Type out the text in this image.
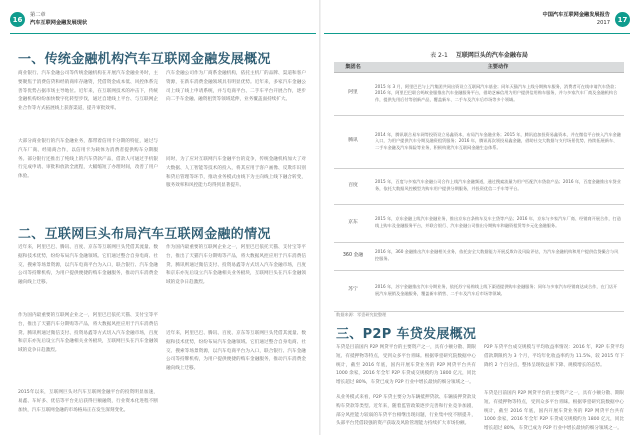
16
第二章
汽车互联网金融发展现状
中国汽车互联网金融发展报告
2017	17
一、传统金融机构汽车互联网金融发展概况
商业银行、汽车金融公司等传统金融机构在开展汽车金融业务时，主要聚焦于消费信贷和经销商库存融资，凭借资金成本低、风控体系完善等优势占据市场主导地位。近年来，在互联网技术的冲击下，传统金融机构纷纷加快数字化转型步伐，通过自建线上平台、与互联网企业合作等方式拓展线上获客渠道，提升审批效率。
大部分商业银行的汽车金融业务，都带着信用卡分期的特征，通过与汽车厂商、经销商合作，以信用卡为载体为消费者提供购车分期服务。部分银行还推出了纯线上的汽车贷款产品，借款人可通过手机银行完成申请、审批和放款全流程，大幅缩短了办理时间，改善了用户体验。
汽车金融公司作为厂商系金融机构，依托主机厂的品牌、渠道和客户资源，在新车消费金融领域具有明显优势。近年来，多家汽车金融公司上线了线上申请系统，并与电商平台、二手车平台开展合作，逐步向二手车金融、融资租赁等领域延伸，业务覆盖面持续扩大。
同时，为了应对互联网汽车金融平台的竞争，传统金融机构加大了对大数据、人工智能等技术的投入，将其应用于客户画像、反欺诈识别和贷后管理等环节，推动业务模式由线下为主向线上线下融合转变，服务效率和风控能力均得到显著提升。
二、互联网巨头布局汽车互联网金融的情况
近年来，阿里巴巴、腾讯、百度、京东等互联网巨头凭借其流量、数据和技术优势，纷纷布局汽车金融领域。它们通过整合自身电商、社交、搜索等场景资源，以汽车电商平台为入口，联合银行、汽车金融公司等持牌机构，为用户提供便捷的购车金融服务，推动汽车消费金融向线上迁移。
作为国内最重要的互联网企业之一，阿里巴巴依托天猫、支付宝等平台，推出了天猫汽车分期购等产品，将大数据风控应用于汽车消费信贷。腾讯则通过微信支付、投资易鑫等方式切入汽车金融市场，百度和京东亦先后设立汽车金融相关业务板块，互联网巨头在汽车金融领域的竞争日趋激烈。
2015年以来，互联网巨头对汽车互联网金融平台的投资明显加速，易鑫、车好多、优信等平台先后获得巨额融资，行业资本化进程不断加快，汽车互联网金融的市场格局正在发生深刻变化。
作为国内最重要的互联网企业之一，阿里巴巴依托天猫、支付宝等平台，推出了天猫汽车分期购等产品，将大数据风控应用于汽车消费信贷。腾讯则通过微信支付、投资易鑫等方式切入汽车金融市场，百度和京东亦先后设立汽车金融相关业务板块，互联网巨头在汽车金融领域的竞争日趋激烈。
近年来，阿里巴巴、腾讯、百度、京东等互联网巨头凭借其流量、数据和技术优势，纷纷布局汽车金融领域。它们通过整合自身电商、社交、搜索等场景资源，以汽车电商平台为入口，联合银行、汽车金融公司等持牌机构，为用户提供便捷的购车金融服务，推动汽车消费金融向线上迁移。
表 2-1 互联网巨头的汽车金融布局
集团名	主要动作
阿里	2015 年 3 月，阿里巴巴与上汽集团共同出资设立互联网汽车基金；同年天猫汽车上线分期购车服务，消费者可在线申请汽车贷款；2016 年，阿里巴巴联合蚂蚁金服推出汽车金融服务平台，借助芝麻信用为用户提供信用购车服务，并与多家汽车厂商及金融机构合作，提供先用后付等创新产品，覆盖新车、二手车及汽车后市场等多个领域。
腾讯	2014 年，腾讯联合易车网等投资设立易鑫资本，布局汽车金融业务；2015 年，腾讯追加投资易鑫资本，并在微信平台接入汽车金融入口，为用户提供汽车分期及融资租赁服务；2016 年，腾讯再次领投易鑫金融，借助社交大数据与支付场景优势，持续拓展新车、二手车金融及汽车保险等业务，积极构建汽车互联网金融生态体系。
百度	2015 年，百度与多家汽车金融公司合作上线汽车金融频道，通过搜索流量为用户匹配汽车贷款产品；2016 年，百度金融推出车贷业务，依托大数据风控模型为购车用户提供分期服务，并投资优信二手车等平台。
京东	2015 年，京东金融上线汽车金融业务，推出京东白条购车及车主贷等产品；2016 年，京东与多家汽车厂商、经销商开展合作，打造线上购车及金融服务平台，并联合银行、汽车金融公司推出分期购车和融资租赁等多元化金融服务。
360 金融	2016 年，360 金融推出汽车金融相关业务，依托安全大数据能力开展反欺诈及风险评估，为汽车金融机构和用户提供信贷撮合与风控服务。
苏宁	2016 年，苏宁金融推出汽车分期业务，依托苏宁易购线上线下渠道提供购车金融服务；同年与多家汽车经销商达成合作，在门店开展汽车展销及金融服务，覆盖新车销售、二手车及汽车后市场等领域。
数据来源：零壹研究院整理
三、P2P 车贷发展概况
车贷是目前国内 P2P 网贷平台的主要资产之一，具有小额分散、期限短、有抵押物等特点，受到众多平台青睐。根据零壹研究院数据中心统计，截至 2016 年底，国内开展车贷业务的 P2P 网贷平台共有 1000 余家，2016 年全年 P2P 车贷成交规模约为 1800 亿元，同比增长超过 80%，车贷已成为 P2P 行业中增长最快的细分领域之一。
从业务模式来看，P2P 车贷主要分为车辆抵押贷款、车辆质押贷款及购车贷款等类型。近年来，随着监管政策逐步完善和行业竞争加剧，部分风控能力较弱的车贷平台相继出现问题，行业集中度不断提升，头部平台凭借较强的资产获取及风险管理能力持续扩大市场份额。
P2P 车贷平台成交规模与平均收益率情况：2016 年，P2P 车贷平均借款期限约为 3 个月，平均年化收益率约为 11.5%，较 2015 年下降约 2 个百分点，整体呈现收益率下降、规模增长的态势。
车贷是目前国内 P2P 网贷平台的主要资产之一，具有小额分散、期限短、有抵押物等特点，受到众多平台青睐。根据零壹研究院数据中心统计，截至 2016 年底，国内开展车贷业务的 P2P 网贷平台共有 1000 余家，2016 年全年 P2P 车贷成交规模约为 1800 亿元，同比增长超过 80%，车贷已成为 P2P 行业中增长最快的细分领域之一。
